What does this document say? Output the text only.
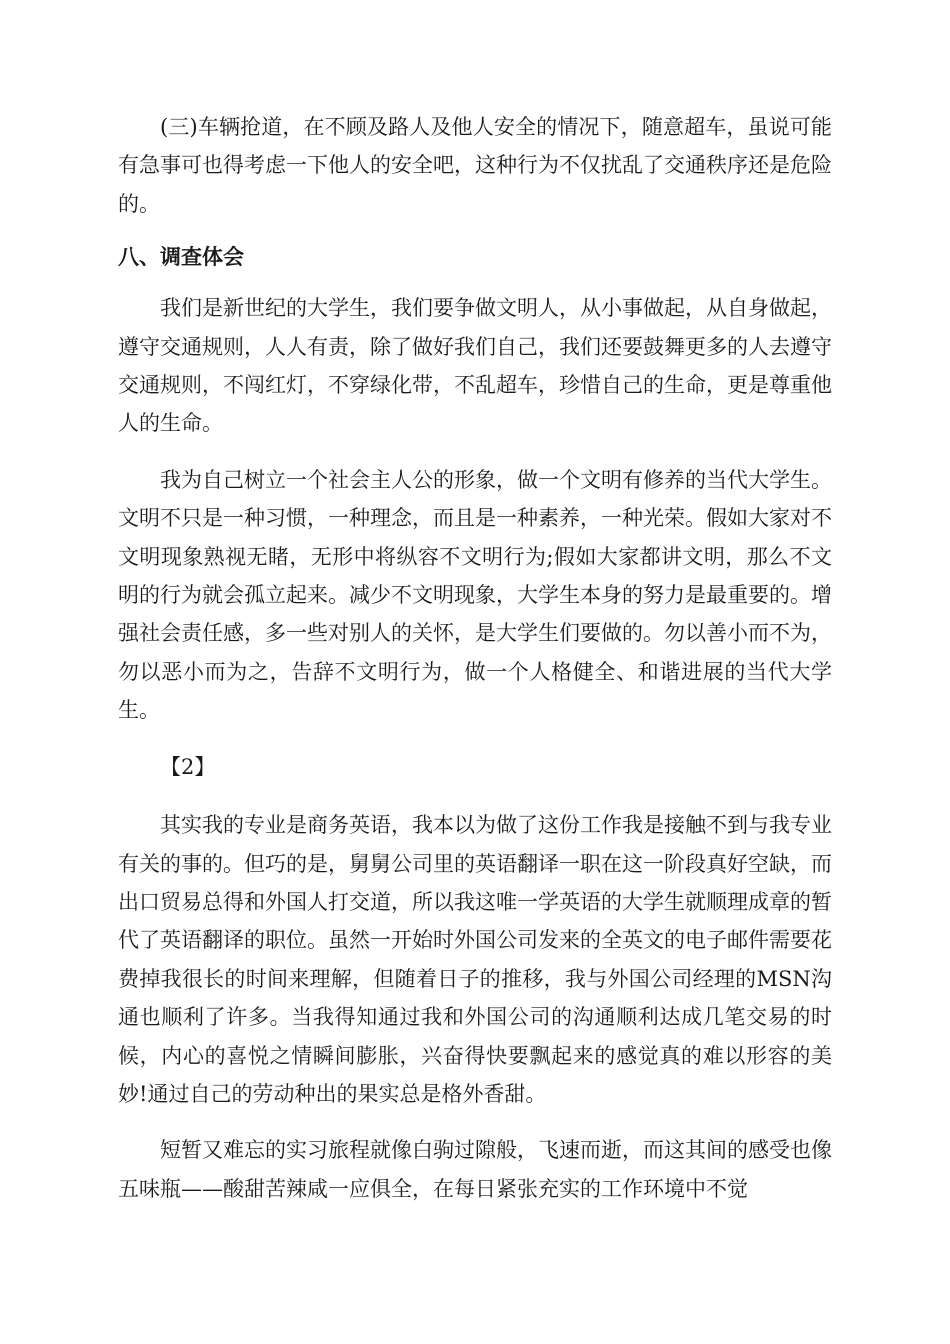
(三)车辆抢道，在不顾及路人及他人安全的情况下，随意超车，虽说可能有急事可也得考虑一下他人的安全吧，这种行为不仅扰乱了交通秩序还是危险的。

八、调查体会

我们是新世纪的大学生，我们要争做文明人，从小事做起，从自身做起，遵守交通规则，人人有责，除了做好我们自己，我们还要鼓舞更多的人去遵守交通规则，不闯红灯，不穿绿化带，不乱超车，珍惜自己的生命，更是尊重他人的生命。

我为自己树立一个社会主人公的形象，做一个文明有修养的当代大学生。文明不只是一种习惯，一种理念，而且是一种素养，一种光荣。假如大家对不文明现象熟视无睹，无形中将纵容不文明行为;假如大家都讲文明，那么不文明的行为就会孤立起来。减少不文明现象，大学生本身的努力是最重要的。增强社会责任感，多一些对别人的关怀，是大学生们要做的。勿以善小而不为，勿以恶小而为之，告辞不文明行为，做一个人格健全、和谐进展的当代大学生。

【2】

其实我的专业是商务英语，我本以为做了这份工作我是接触不到与我专业有关的事的。但巧的是，舅舅公司里的英语翻译一职在这一阶段真好空缺，而出口贸易总得和外国人打交道，所以我这唯一学英语的大学生就顺理成章的暂代了英语翻译的职位。虽然一开始时外国公司发来的全英文的电子邮件需要花费掉我很长的时间来理解，但随着日子的推移，我与外国公司经理的MSN沟通也顺利了许多。当我得知通过我和外国公司的沟通顺利达成几笔交易的时候，内心的喜悦之情瞬间膨胀，兴奋得快要飘起来的感觉真的难以形容的美妙!通过自己的劳动种出的果实总是格外香甜。

短暂又难忘的实习旅程就像白驹过隙般，飞速而逝，而这其间的感受也像五味瓶——酸甜苦辣咸一应俱全，在每日紧张充实的工作环境中不觉
